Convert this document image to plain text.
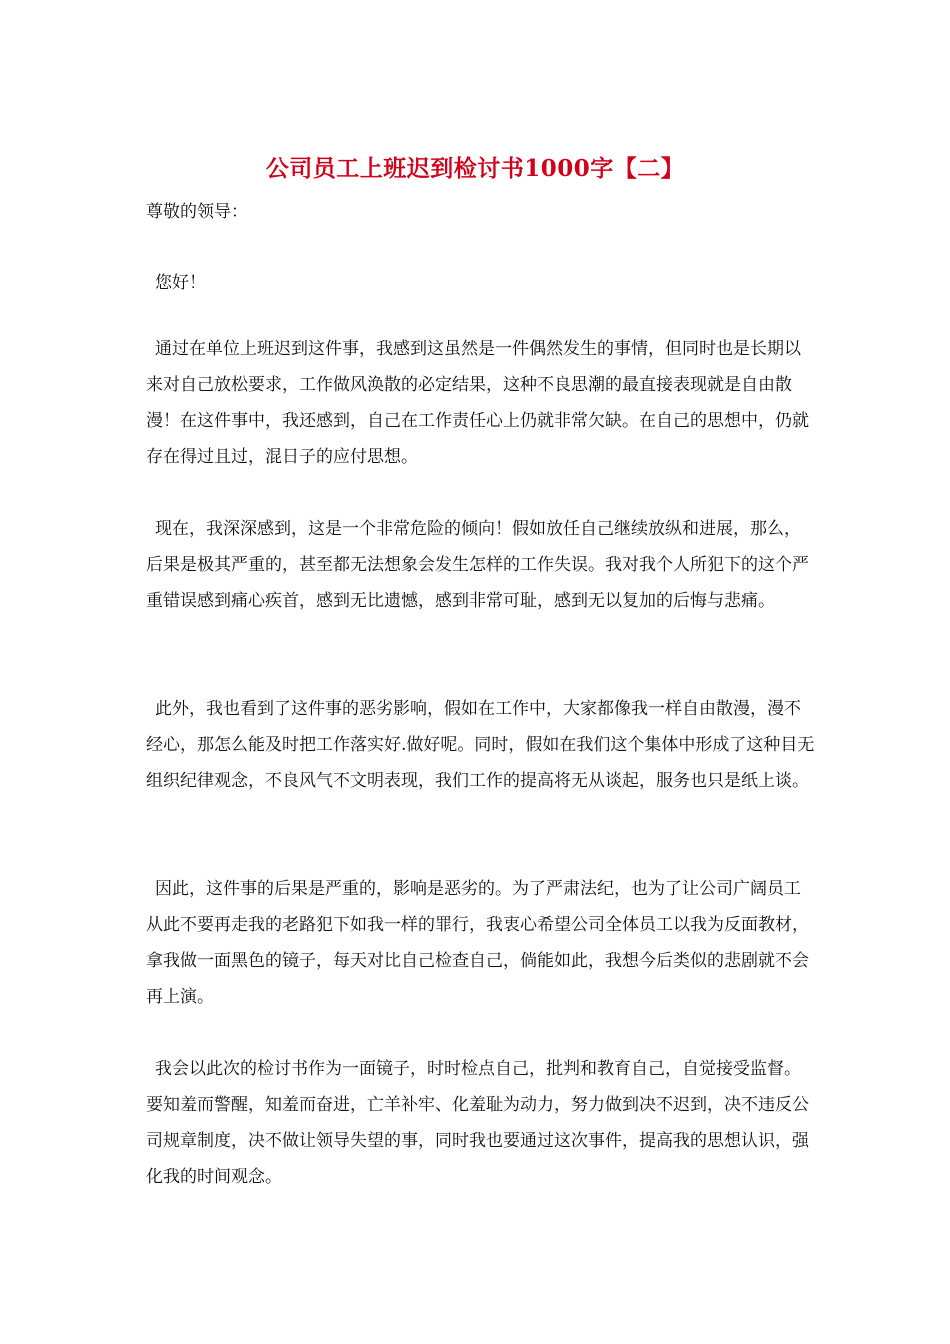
公司员工上班迟到检讨书1000字【二】
尊敬的领导：
您好！

通过在单位上班迟到这件事，我感到这虽然是一件偶然发生的事情，但同时也是长期以来对自己放松要求，工作做风涣散的必定结果，这种不良思潮的最直接表现就是自由散漫！在这件事中，我还感到，自己在工作责任心上仍就非常欠缺。在自己的思想中，仍就存在得过且过，混日子的应付思想。

现在，我深深感到，这是一个非常危险的倾向！假如放任自己继续放纵和进展，那么，后果是极其严重的，甚至都无法想象会发生怎样的工作失误。我对我个人所犯下的这个严重错误感到痛心疾首，感到无比遗憾，感到非常可耻，感到无以复加的后悔与悲痛。

此外，我也看到了这件事的恶劣影响，假如在工作中，大家都像我一样自由散漫，漫不经心，那怎么能及时把工作落实好.做好呢。同时，假如在我们这个集体中形成了这种目无组织纪律观念，不良风气不文明表现，我们工作的提高将无从谈起，服务也只是纸上谈。

因此，这件事的后果是严重的，影响是恶劣的。为了严肃法纪，也为了让公司广阔员工从此不要再走我的老路犯下如我一样的罪行，我衷心希望公司全体员工以我为反面教材，拿我做一面黑色的镜子，每天对比自己检查自己，倘能如此，我想今后类似的悲剧就不会再上演。

我会以此次的检讨书作为一面镜子，时时检点自己，批判和教育自己，自觉接受监督。要知羞而警醒，知羞而奋进，亡羊补牢、化羞耻为动力，努力做到决不迟到，决不违反公司规章制度，决不做让领导失望的事，同时我也要通过这次事件，提高我的思想认识，强化我的时间观念。
